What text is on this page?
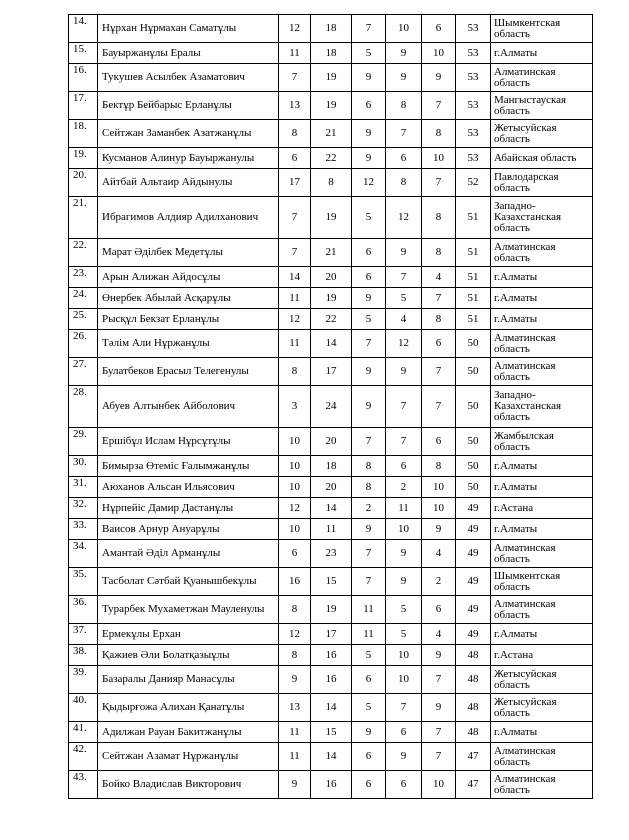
14.	Нұрхан Нұрмахан Саматұлы	12	18	7	10	6	53	Шымкентская область
15.	Бауыржанұлы Ералы	11	18	5	9	10	53	г.Алматы
16.	Тукушев Асылбек Азаматович	7	19	9	9	9	53	Алматинская область
17.	Бектұр Бейбарыс Ерланұлы	13	19	6	8	7	53	Мангыстауская область
18.	Сейтжан Заманбек Азатжанұлы	8	21	9	7	8	53	Жетысуйская область
19.	Кусманов Алинур Бауыржанулы	6	22	9	6	10	53	Абайская область
20.	Айтбай Альтаир Айдынулы	17	8	12	8	7	52	Павлодарская область
21.	Ибрагимов Алдияр Адилханович	7	19	5	12	8	51	Западно-Казахстанская область
22.	Марат Әділбек Медетұлы	7	21	6	9	8	51	Алматинская область
23.	Арын Алижан Айдосұлы	14	20	6	7	4	51	г.Алматы
24.	Өнербек Абылай Асқарұлы	11	19	9	5	7	51	г.Алматы
25.	Рысқұл Бекзат Ерланұлы	12	22	5	4	8	51	г.Алматы
26.	Тәлім Али Нұржанұлы	11	14	7	12	6	50	Алматинская область
27.	Булатбеков Ерасыл Телегенулы	8	17	9	9	7	50	Алматинская область
28.	Абуев Алтынбек Айболович	3	24	9	7	7	50	Западно-Казахстанская область
29.	Ершібұл Ислам Нұрсұтұлы	10	20	7	7	6	50	Жамбылская область
30.	Бимырза Өтеміс Ғалымжанұлы	10	18	8	6	8	50	г.Алматы
31.	Аюханов Альсан Ильясович	10	20	8	2	10	50	г.Алматы
32.	Нұрпейіс Дамир Дастанұлы	12	14	2	11	10	49	г.Астана
33.	Ваисов Арнур Ануарұлы	10	11	9	10	9	49	г.Алматы
34.	Амантай Әділ Арманұлы	6	23	7	9	4	49	Алматинская область
35.	Тасболат Сәтбай Қуанышбекұлы	16	15	7	9	2	49	Шымкентская область
36.	Турарбек Мухаметжан Мауленулы	8	19	11	5	6	49	Алматинская область
37.	Ермекұлы Ерхан	12	17	11	5	4	49	г.Алматы
38.	Қажиев Әли Болатқазыұлы	8	16	5	10	9	48	г.Астана
39.	Базаралы Данияр Манасұлы	9	16	6	10	7	48	Жетысуйская область
40.	Қыдырғожа Алихан Қанатұлы	13	14	5	7	9	48	Жетысуйская область
41.	Адилжан Рауан Бакитжанұлы	11	15	9	6	7	48	г.Алматы
42.	Сейтжан Азамат Нұржанұлы	11	14	6	9	7	47	Алматинская область
43.	Бойко Владислав Викторович	9	16	6	6	10	47	Алматинская область
